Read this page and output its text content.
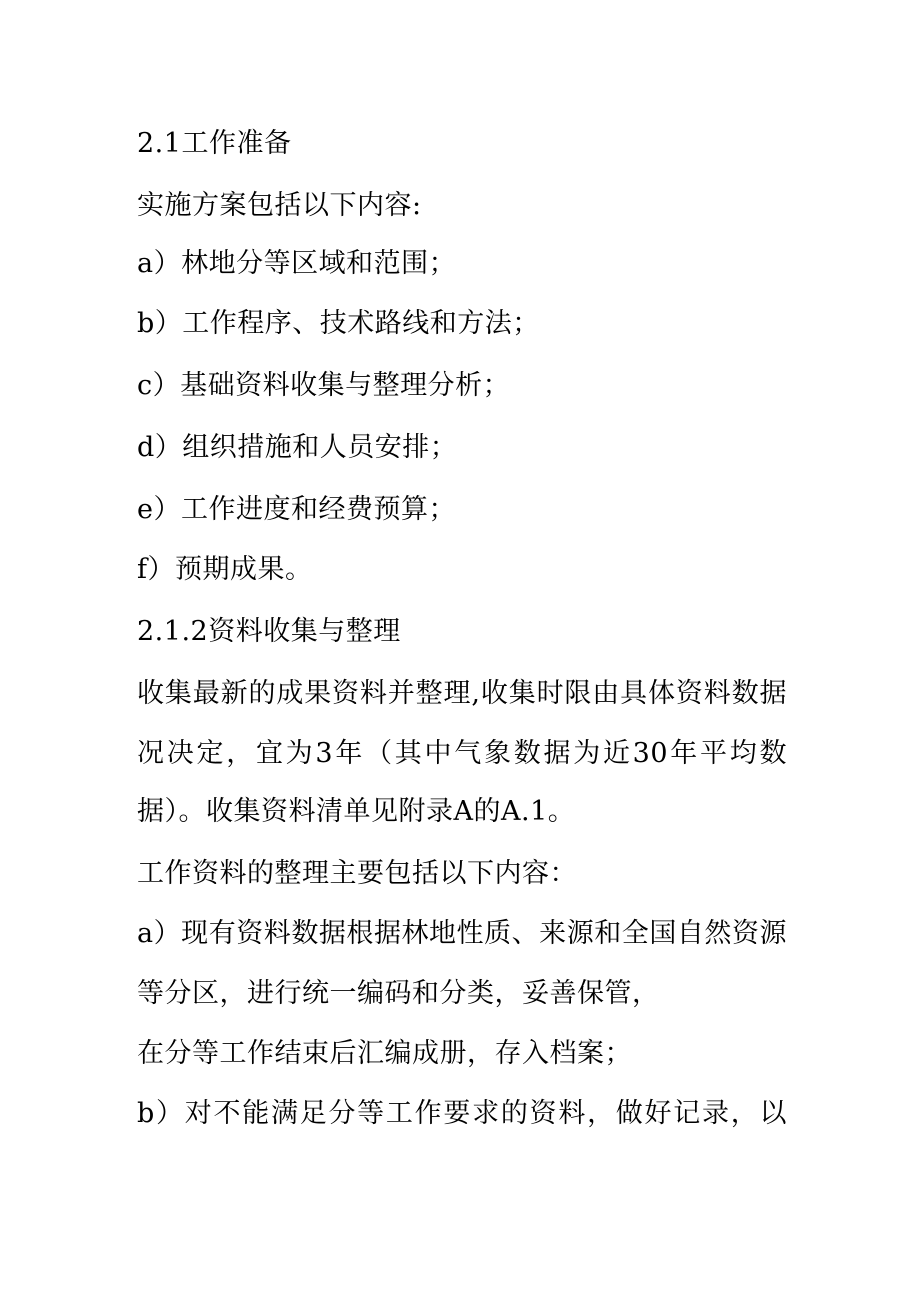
2.1工作准备
实施方案包括以下内容:
a）林地分等区域和范围；
b）工作程序、技术路线和方法；
c）基础资料收集与整理分析；
d）组织措施和人员安排；
e）工作进度和经费预算；
f）预期成果。
2.1.2资料收集与整理
收集最新的成果资料并整理,收集时限由具体资料数据
况决定，宜为3年（其中气象数据为近30年平均数
据）。收集资料清单见附录A的A.1。
工作资料的整理主要包括以下内容：
a）现有资料数据根据林地性质、来源和全国自然资源
等分区，进行统一编码和分类，妥善保管，
在分等工作结束后汇编成册，存入档案；
b）对不能满足分等工作要求的资料，做好记录，以
